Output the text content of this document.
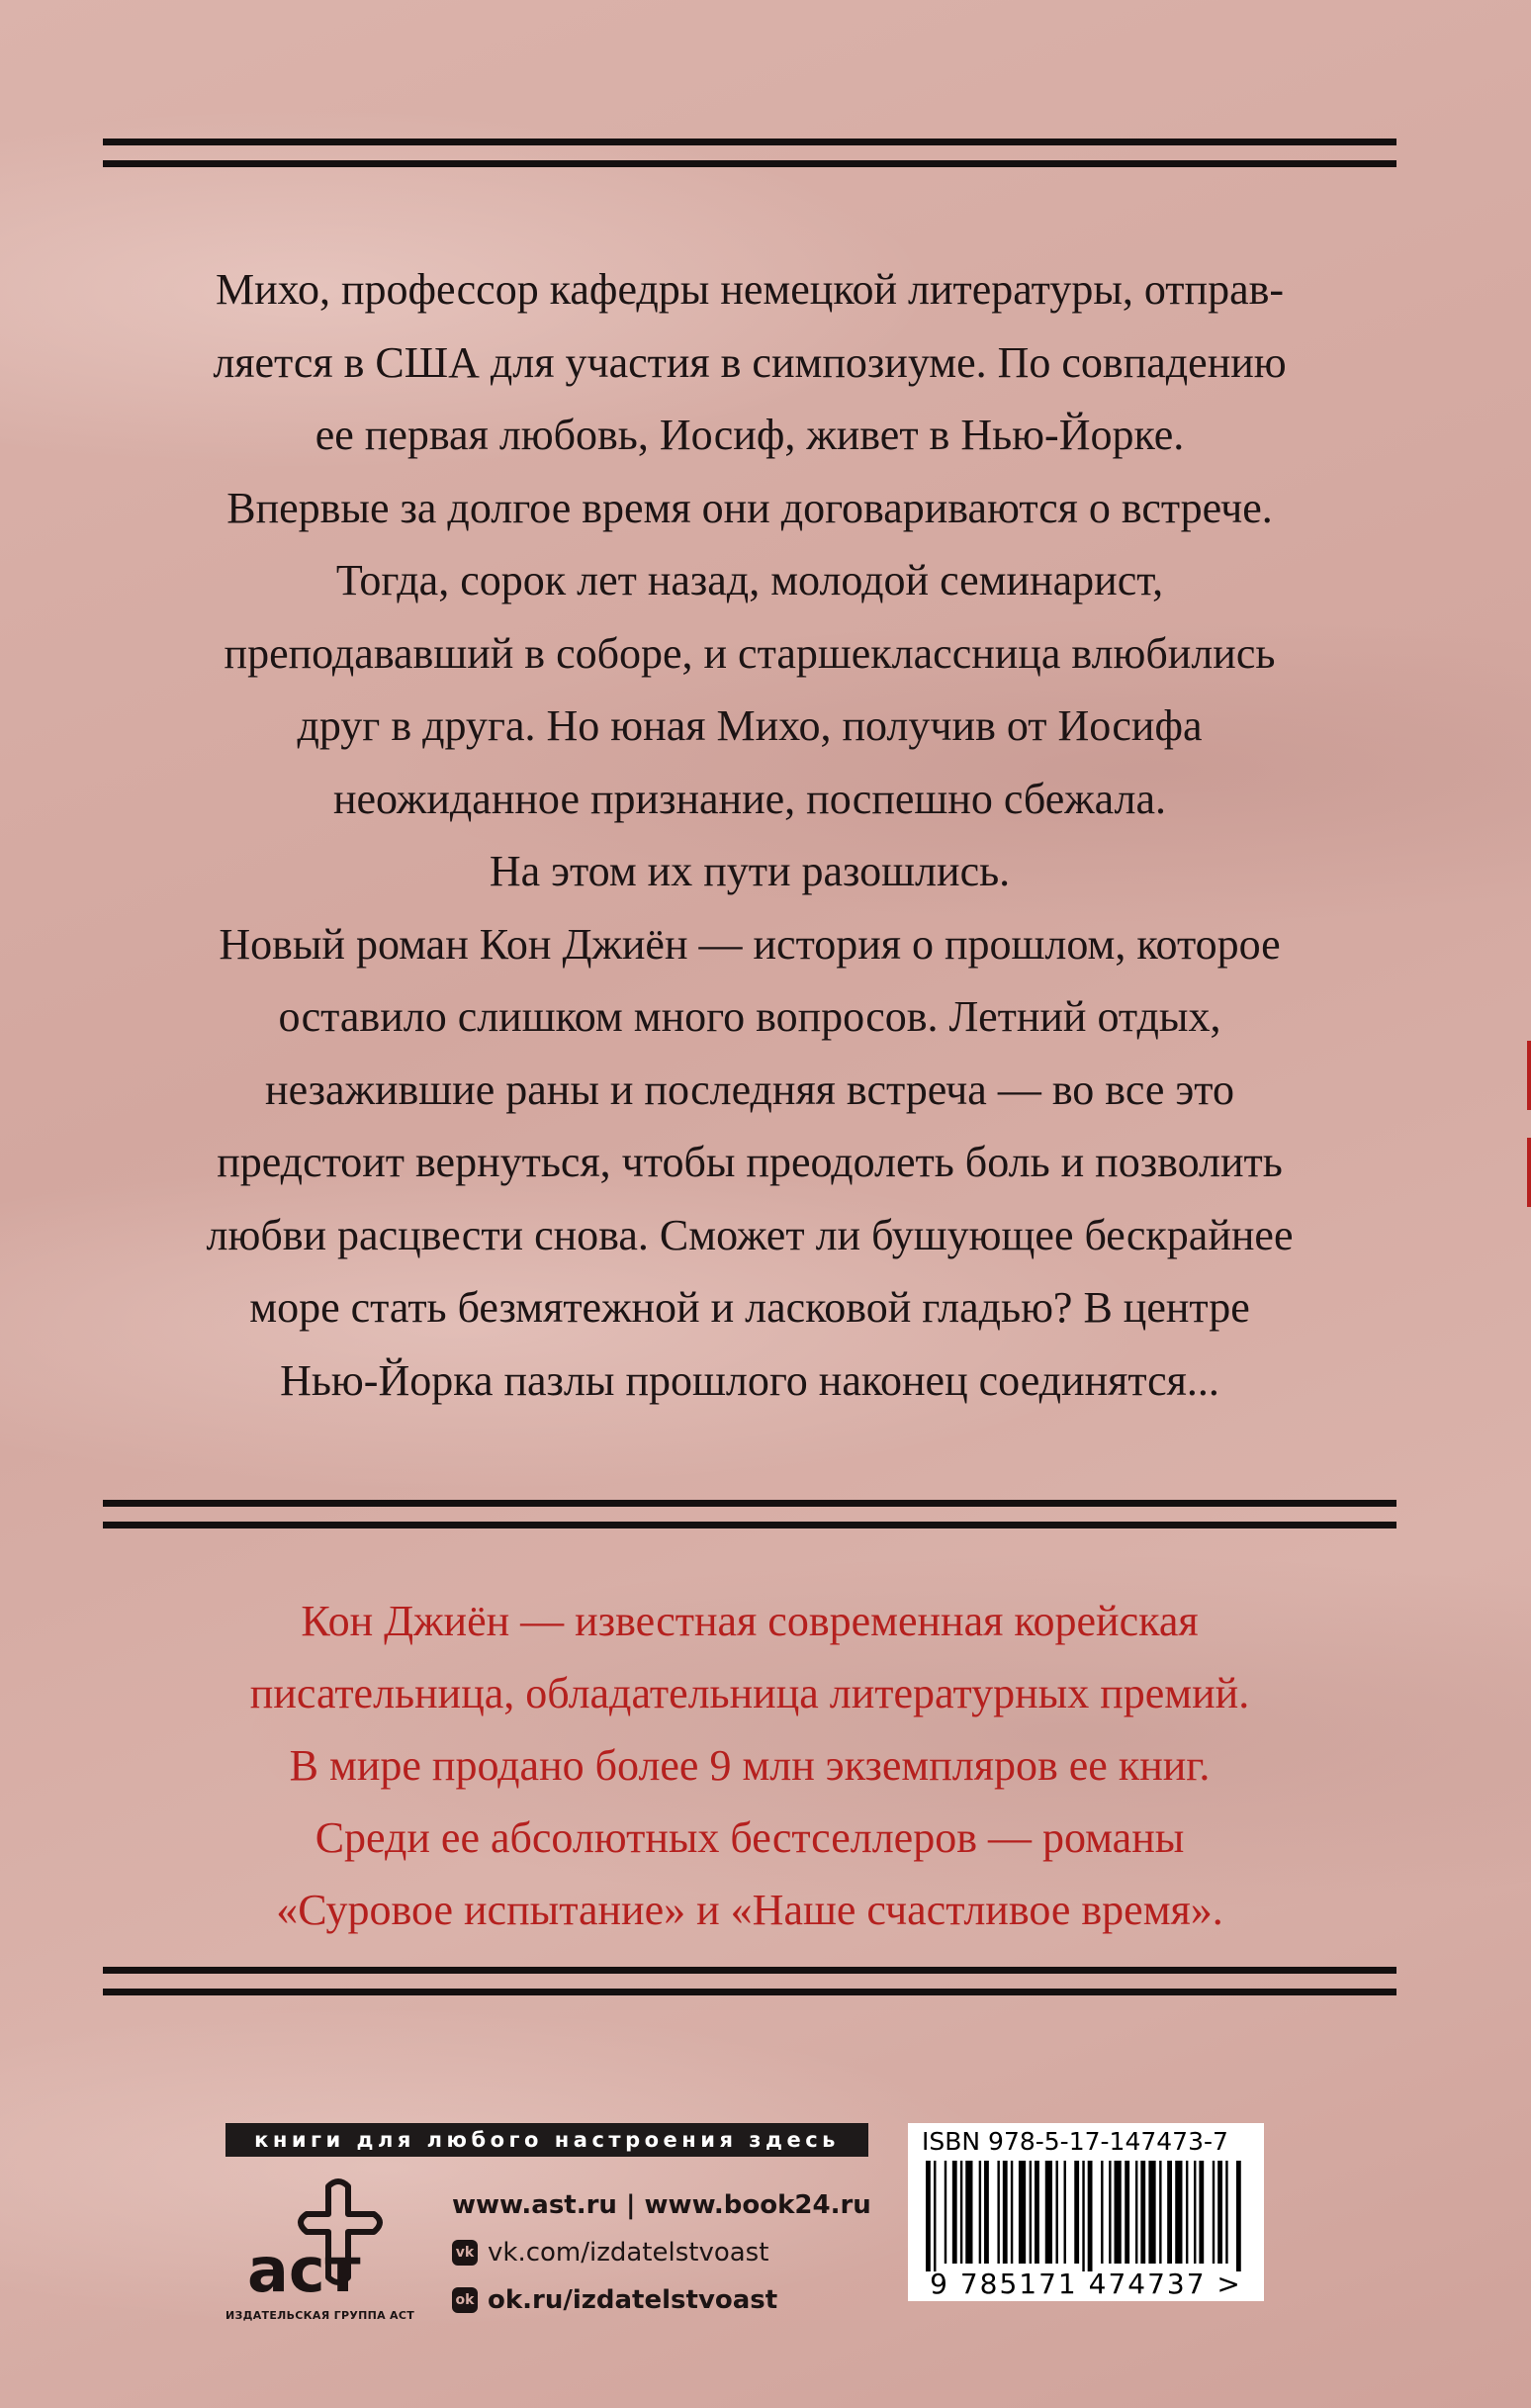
Михо, профессор кафедры немецкой литературы, отправ-
ляется в США для участия в симпозиуме. По совпадению
ее первая любовь, Иосиф, живет в Нью-Йорке.
Впервые за долгое время они договариваются о встрече.
Тогда, сорок лет назад, молодой семинарист,
преподававший в соборе, и старшеклассница влюбились
друг в друга. Но юная Михо, получив от Иосифа
неожиданное признание, поспешно сбежала.
На этом их пути разошлись.

Новый роман Кон Джиён — история о прошлом, которое
оставило слишком много вопросов. Летний отдых,
незажившие раны и последняя встреча — во все это
предстоит вернуться, чтобы преодолеть боль и позволить
любви расцвести снова. Сможет ли бушующее бескрайнее
море стать безмятежной и ласковой гладью? В центре
Нью-Йорка пазлы прошлого наконец соединятся...

Кон Джиён — известная современная корейская
писательница, обладательница литературных премий.
В мире продано более 9 млн экземпляров ее книг.
Среди ее абсолютных бестселлеров — романы
«Суровое испытание» и «Наше счастливое время».

книги для любого настроения здесь
аст
ИЗДАТЕЛЬСКАЯ ГРУППА АСТ
www.ast.ru | www.book24.ru
vk vk.com/izdatelstvoast
ok ok.ru/izdatelstvoast
ISBN 978-5-17-147473-7
9 785171 474737 >
